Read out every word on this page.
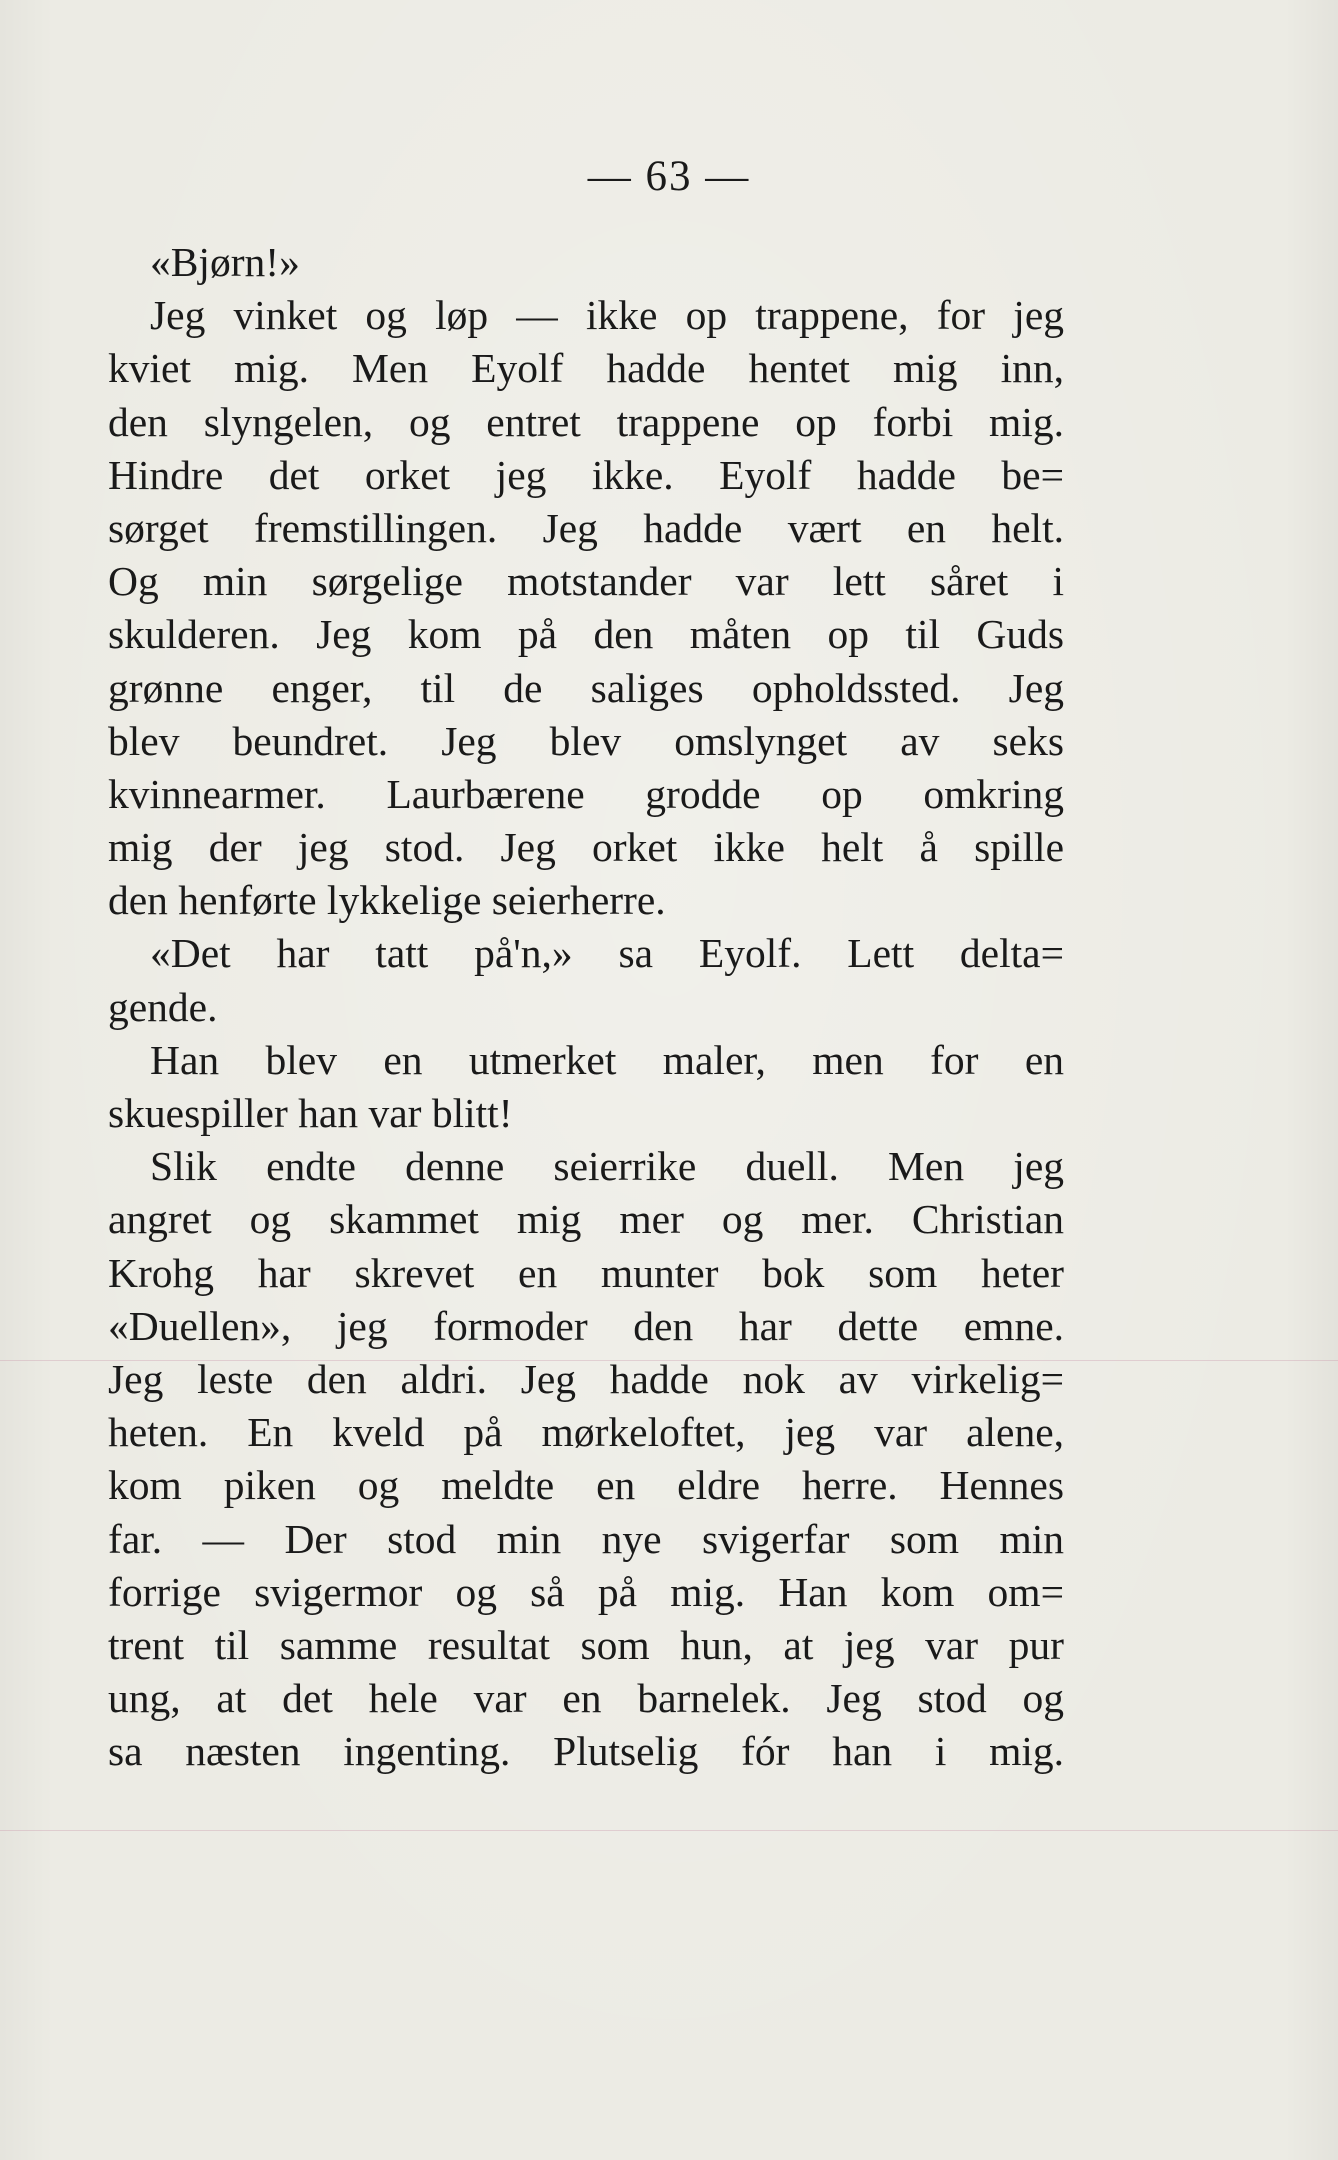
— 63 —
«Bjørn!»
Jeg vinket og løp — ikke op trappene, for jeg
kviet mig. Men Eyolf hadde hentet mig inn,
den slyngelen, og entret trappene op forbi mig.
Hindre det orket jeg ikke. Eyolf hadde be=
sørget fremstillingen. Jeg hadde vært en helt.
Og min sørgelige motstander var lett såret i
skulderen. Jeg kom på den måten op til Guds
grønne enger, til de saliges opholdssted. Jeg
blev beundret. Jeg blev omslynget av seks
kvinnearmer. Laurbærene grodde op omkring
mig der jeg stod. Jeg orket ikke helt å spille
den henførte lykkelige seierherre.
«Det har tatt på'n,» sa Eyolf. Lett delta=
gende.
Han blev en utmerket maler, men for en
skuespiller han var blitt!
Slik endte denne seierrike duell. Men jeg
angret og skammet mig mer og mer. Christian
Krohg har skrevet en munter bok som heter
«Duellen», jeg formoder den har dette emne.
Jeg leste den aldri. Jeg hadde nok av virkelig=
heten. En kveld på mørkeloftet, jeg var alene,
kom piken og meldte en eldre herre. Hennes
far. — Der stod min nye svigerfar som min
forrige svigermor og så på mig. Han kom om=
trent til samme resultat som hun, at jeg var pur
ung, at det hele var en barnelek. Jeg stod og
sa næsten ingenting. Plutselig fór han i mig.
